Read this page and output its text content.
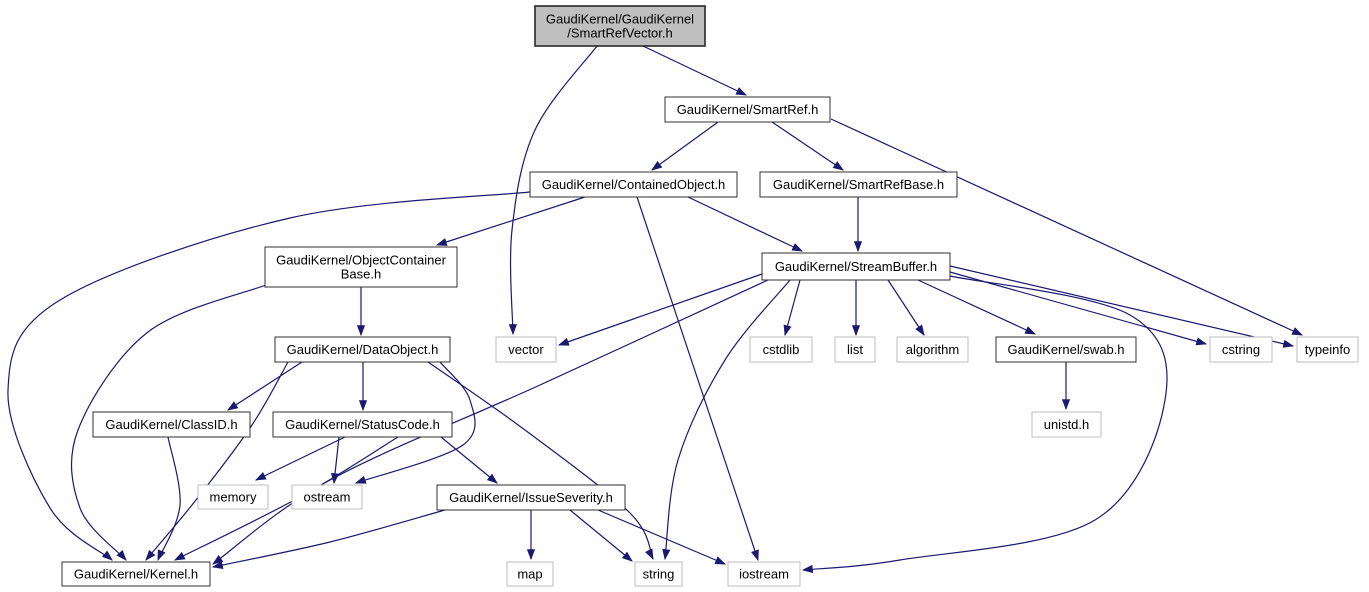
GaudiKernel/GaudiKernel /SmartRefVector.h
GaudiKernel/SmartRef.h
GaudiKernel/ContainedObject.h	GaudiKernel/SmartRefBase.h
GaudiKernel/ObjectContainer Base.h	GaudiKernel/StreamBuffer.h
vector	cstdlib	list	algorithm	GaudiKernel/swab.h	cstring	typeinfo
unistd.h
GaudiKernel/DataObject.h
GaudiKernel/ClassID.h	GaudiKernel/StatusCode.h
memory	ostream	GaudiKernel/IssueSeverity.h
GaudiKernel/Kernel.h	map	string	iostream
